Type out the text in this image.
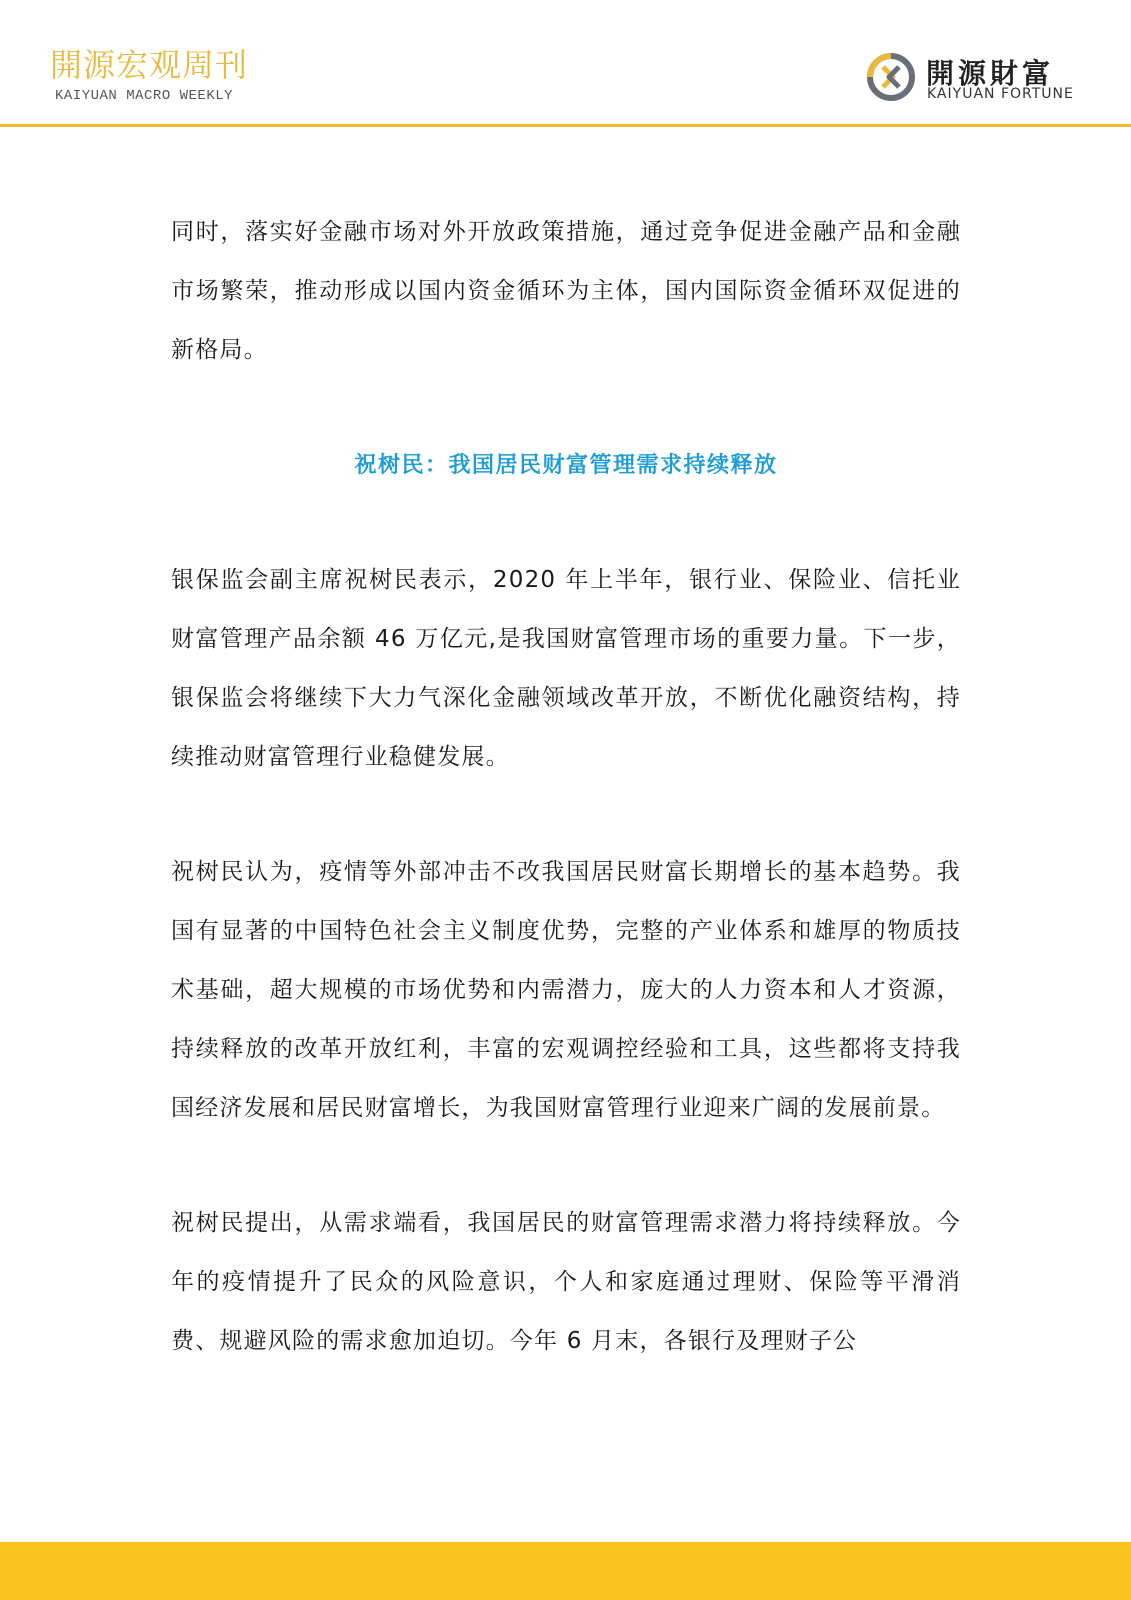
開源宏观周刊
KAIYUAN MACRO WEEKLY
開源財富
KAIYUAN FORTUNE

同时，落实好金融市场对外开放政策措施，通过竞争促进金融产品和金融市场繁荣，推动形成以国内资金循环为主体，国内国际资金循环双促进的新格局。

祝树民：我国居民财富管理需求持续释放

银保监会副主席祝树民表示，2020 年上半年，银行业、保险业、信托业财富管理产品余额 46 万亿元,是我国财富管理市场的重要力量。下一步，银保监会将继续下大力气深化金融领域改革开放，不断优化融资结构，持续推动财富管理行业稳健发展。

祝树民认为，疫情等外部冲击不改我国居民财富长期增长的基本趋势。我国有显著的中国特色社会主义制度优势，完整的产业体系和雄厚的物质技术基础，超大规模的市场优势和内需潜力，庞大的人力资本和人才资源，持续释放的改革开放红利，丰富的宏观调控经验和工具，这些都将支持我国经济发展和居民财富增长，为我国财富管理行业迎来广阔的发展前景。

祝树民提出，从需求端看，我国居民的财富管理需求潜力将持续释放。今年的疫情提升了民众的风险意识，个人和家庭通过理财、保险等平滑消费、规避风险的需求愈加迫切。今年 6 月末，各银行及理财子公
